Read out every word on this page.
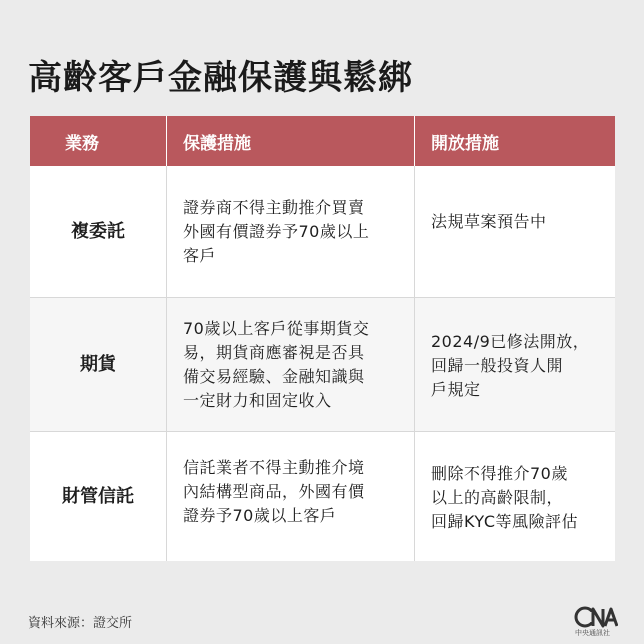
高齡客戶金融保護與鬆綁
業務	保護措施	開放措施
複委託
證券商不得主動推介買賣
外國有價證券予70歲以上
客戶
法規草案預告中
期貨
70歲以上客戶從事期貨交
易，期貨商應審視是否具
備交易經驗、金融知識與
一定財力和固定收入
2024/9已修法開放，
回歸一般投資人開
戶規定
財管信託
信託業者不得主動推介境
內結構型商品，外國有價
證券予70歲以上客戶
刪除不得推介70歲
以上的高齡限制，
回歸KYC等風險評估
資料來源：證交所
中央通訊社
